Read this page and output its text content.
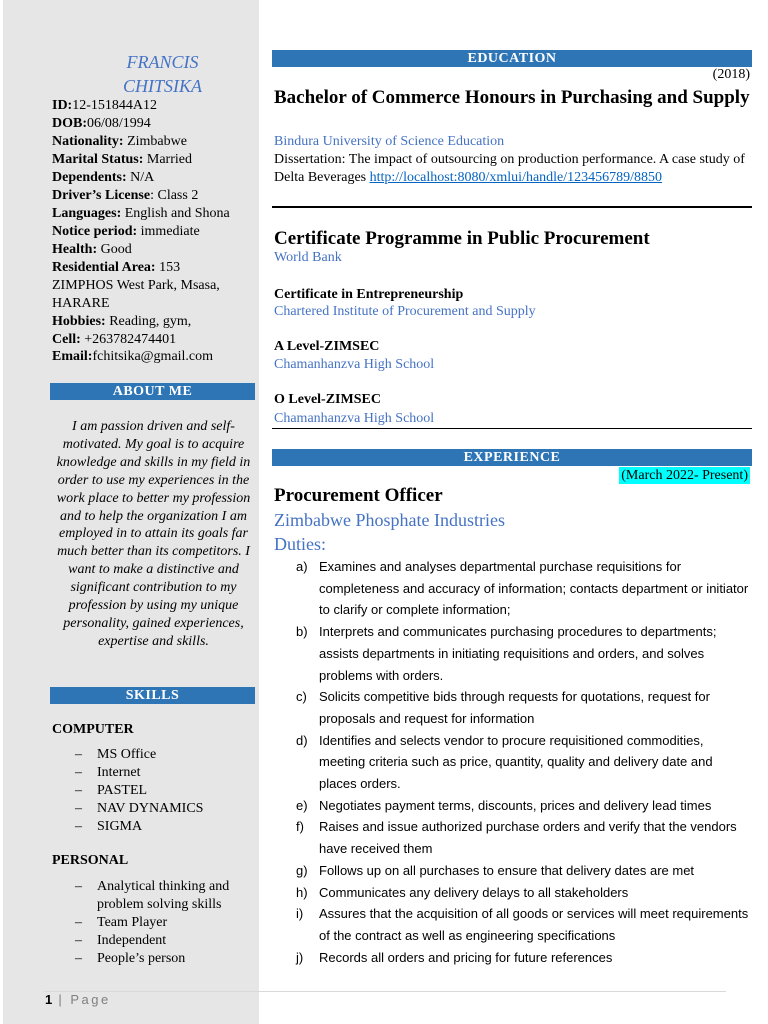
FRANCIS
CHITSIKA
ID:12-151844A12
DOB:06/08/1994
Nationality: Zimbabwe
Marital Status: Married
Dependents: N/A
Driver’s License: Class 2
Languages: English and Shona
Notice period: immediate
Health: Good
Residential Area: 153 ZIMPHOS West Park, Msasa, HARARE
Hobbies: Reading, gym,
Cell: +263782474401
Email:fchitsika@gmail.com
ABOUT ME
I am passion driven and self-motivated. My goal is to acquire knowledge and skills in my field in order to use my experiences in the work place to better my profession and to help the organization I am employed in to attain its goals far much better than its competitors. I want to make a distinctive and significant contribution to my profession by using my unique personality, gained experiences, expertise and skills.
SKILLS
COMPUTER
–	MS Office
–	Internet
–	PASTEL
–	NAV DYNAMICS
–	SIGMA
PERSONAL
–	Analytical thinking and problem solving skills
–	Team Player
–	Independent
–	People’s person
1 | Page
EDUCATION
(2018)
Bachelor of Commerce Honours in Purchasing and Supply
Bindura University of Science Education
Dissertation: The impact of outsourcing on production performance. A case study of Delta Beverages http://localhost:8080/xmlui/handle/123456789/8850
Certificate Programme in Public Procurement
World Bank
Certificate in Entrepreneurship
Chartered Institute of Procurement and Supply
A Level-ZIMSEC
Chamanhanzva High School
O Level-ZIMSEC
Chamanhanzva High School
EXPERIENCE
(March 2022- Present)
Procurement Officer
Zimbabwe Phosphate Industries
Duties:
a) Examines and analyses departmental purchase requisitions for completeness and accuracy of information; contacts department or initiator to clarify or complete information;
b) Interprets and communicates purchasing procedures to departments; assists departments in initiating requisitions and orders, and solves problems with orders.
c) Solicits competitive bids through requests for quotations, request for proposals and request for information
d) Identifies and selects vendor to procure requisitioned commodities, meeting criteria such as price, quantity, quality and delivery date and places orders.
e) Negotiates payment terms, discounts, prices and delivery lead times
f) Raises and issue authorized purchase orders and verify that the vendors have received them
g) Follows up on all purchases to ensure that delivery dates are met
h) Communicates any delivery delays to all stakeholders
i) Assures that the acquisition of all goods or services will meet requirements of the contract as well as engineering specifications
j) Records all orders and pricing for future references
